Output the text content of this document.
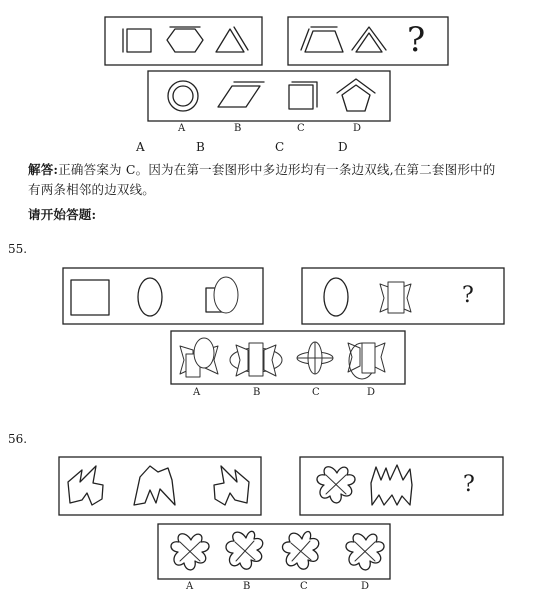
?
A	B	C	D
A	B	C	D
解答:正确答案为 C。因为在第一套图形中多边形均有一条边双线,在第二套图形中的
有两条相邻的边双线。
请开始答题:
55.
?
A	B	C	D
56.
?
A	B	C	D
